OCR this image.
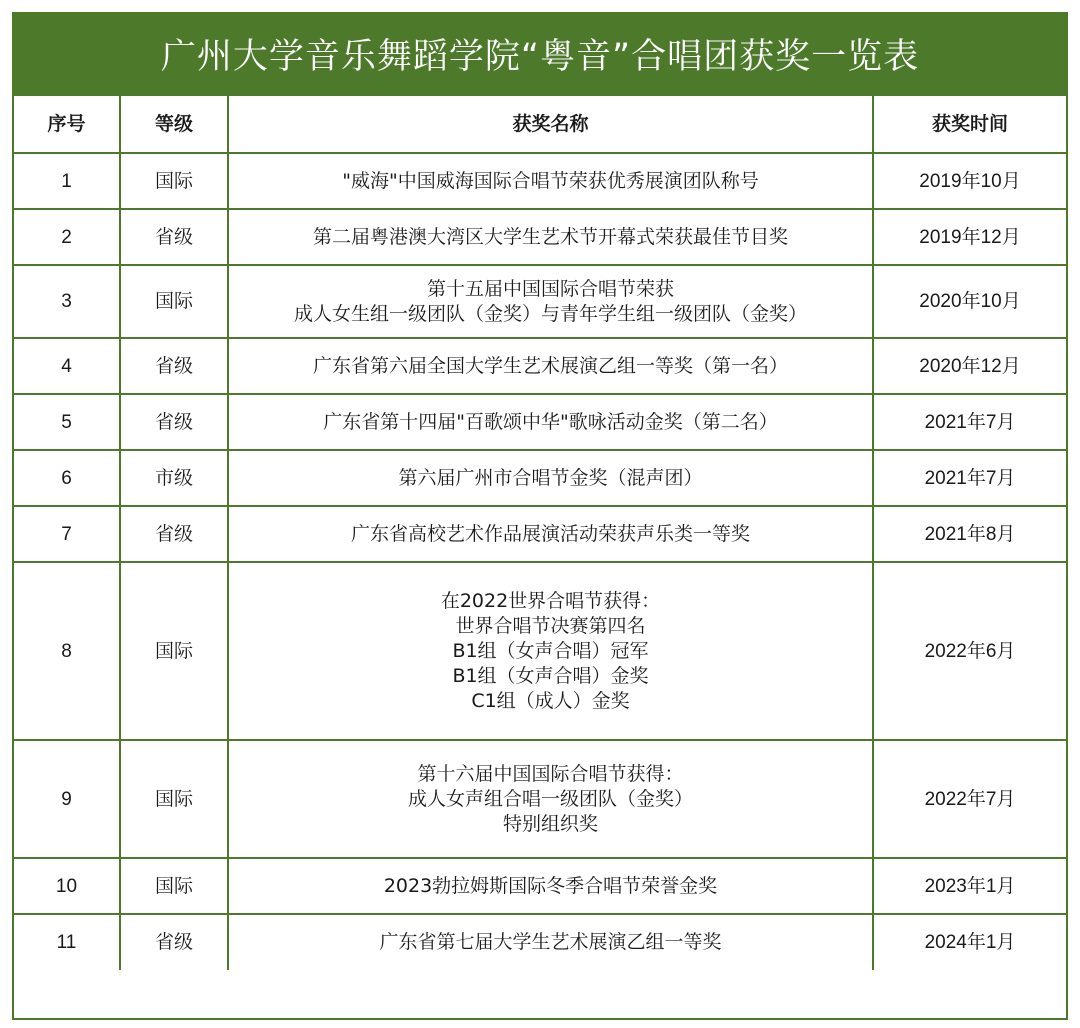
广州大学音乐舞蹈学院“粤音”合唱团获奖一览表
序号	等级	获奖名称	获奖时间
1	国际	"威海"中国威海国际合唱节荣获优秀展演团队称号	2019年10月
2	省级	第二届粤港澳大湾区大学生艺术节开幕式荣获最佳节目奖	2019年12月
3	国际	第十五届中国国际合唱节荣获
成人女生组一级团队（金奖）与青年学生组一级团队（金奖）	2020年10月
4	省级	广东省第六届全国大学生艺术展演乙组一等奖（第一名）	2020年12月
5	省级	广东省第十四届"百歌颂中华"歌咏活动金奖（第二名）	2021年7月
6	市级	第六届广州市合唱节金奖（混声团）	2021年7月
7	省级	广东省高校艺术作品展演活动荣获声乐类一等奖	2021年8月
8	国际	在2022世界合唱节获得：
世界合唱节决赛第四名
B1组（女声合唱）冠军
B1组（女声合唱）金奖
C1组（成人）金奖	2022年6月
9	国际	第十六届中国国际合唱节获得：
成人女声组合唱一级团队（金奖）
特别组织奖	2022年7月
10	国际	2023勃拉姆斯国际冬季合唱节荣誉金奖	2023年1月
11	省级	广东省第七届大学生艺术展演乙组一等奖	2024年1月
